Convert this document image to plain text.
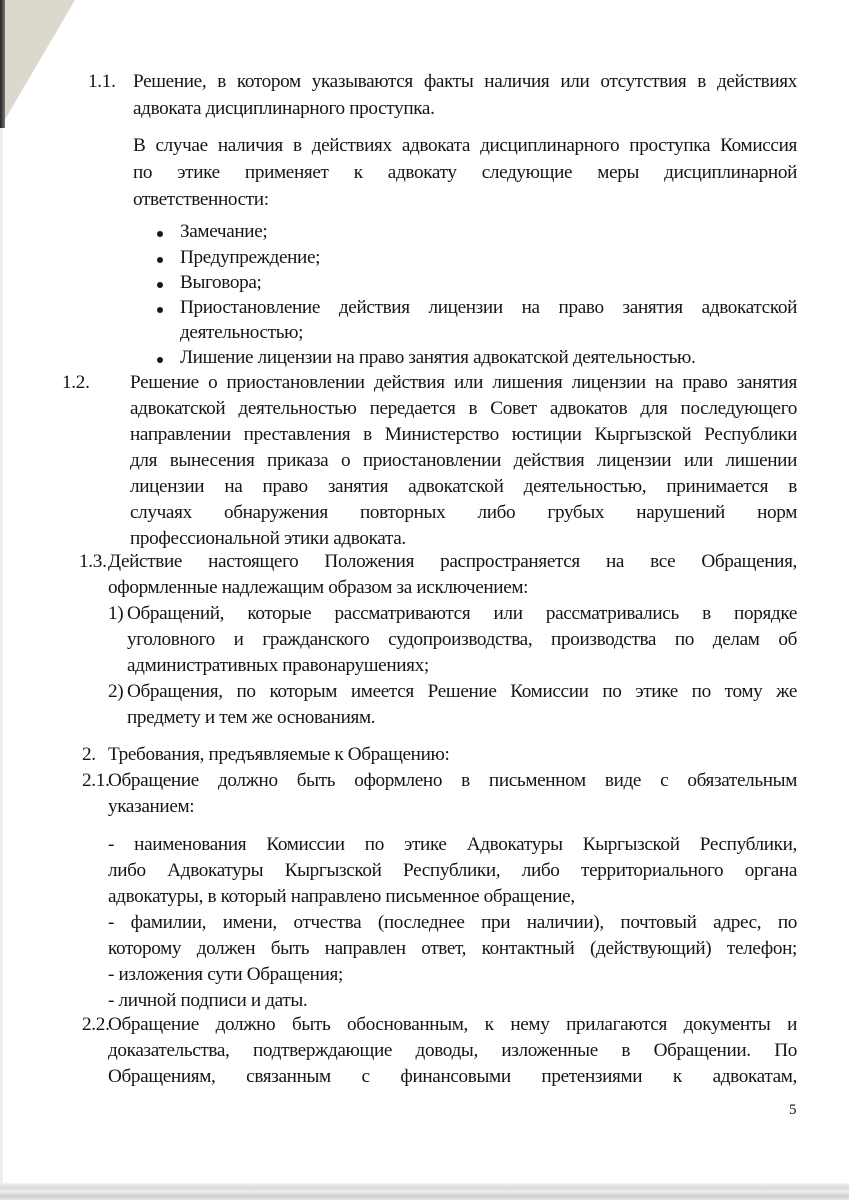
1.1. Решение, в котором указываются факты наличия или отсутствия в действиях
адвоката дисциплинарного проступка.
В случае наличия в действиях адвоката дисциплинарного проступка Комиссия
по этике применяет к адвокату следующие меры дисциплинарной
ответственности:
Замечание;
Предупреждение;
Выговора;
Приостановление действия лицензии на право занятия адвокатской
деятельностью;
Лишение лицензии на право занятия адвокатской деятельностью.
1.2. Решение о приостановлении действия или лишения лицензии на право занятия
адвокатской деятельностью передается в Совет адвокатов для последующего
направлении преставления в Министерство юстиции Кыргызской Республики
для вынесения приказа о приостановлении действия лицензии или лишении
лицензии на право занятия адвокатской деятельностью, принимается в
случаях обнаружения повторных либо грубых нарушений норм
профессиональной этики адвоката.
1.3. Действие настоящего Положения распространяется на все Обращения,
оформленные надлежащим образом за исключением:
1) Обращений, которые рассматриваются или рассматривались в порядке
уголовного и гражданского судопроизводства, производства по делам об
административных правонарушениях;
2) Обращения, по которым имеется Решение Комиссии по этике по тому же
предмету и тем же основаниям.
2. Требования, предъявляемые к Обращению:
2.1.
Обращение должно быть оформлено в письменном виде с обязательным
указанием:
- наименования Комиссии по этике Адвокатуры Кыргызской Республики,
либо Адвокатуры Кыргызской Республики, либо территориального органа
адвокатуры, в который направлено письменное обращение,
- фамилии, имени, отчества (последнее при наличии), почтовый адрес, по
которому должен быть направлен ответ, контактный (действующий) телефон;
- изложения сути Обращения;
- личной подписи и даты.
2.2.
Обращение должно быть обоснованным, к нему прилагаются документы и
доказательства, подтверждающие доводы, изложенные в Обращении. По
Обращениям, связанным с финансовыми претензиями к адвокатам,
5
